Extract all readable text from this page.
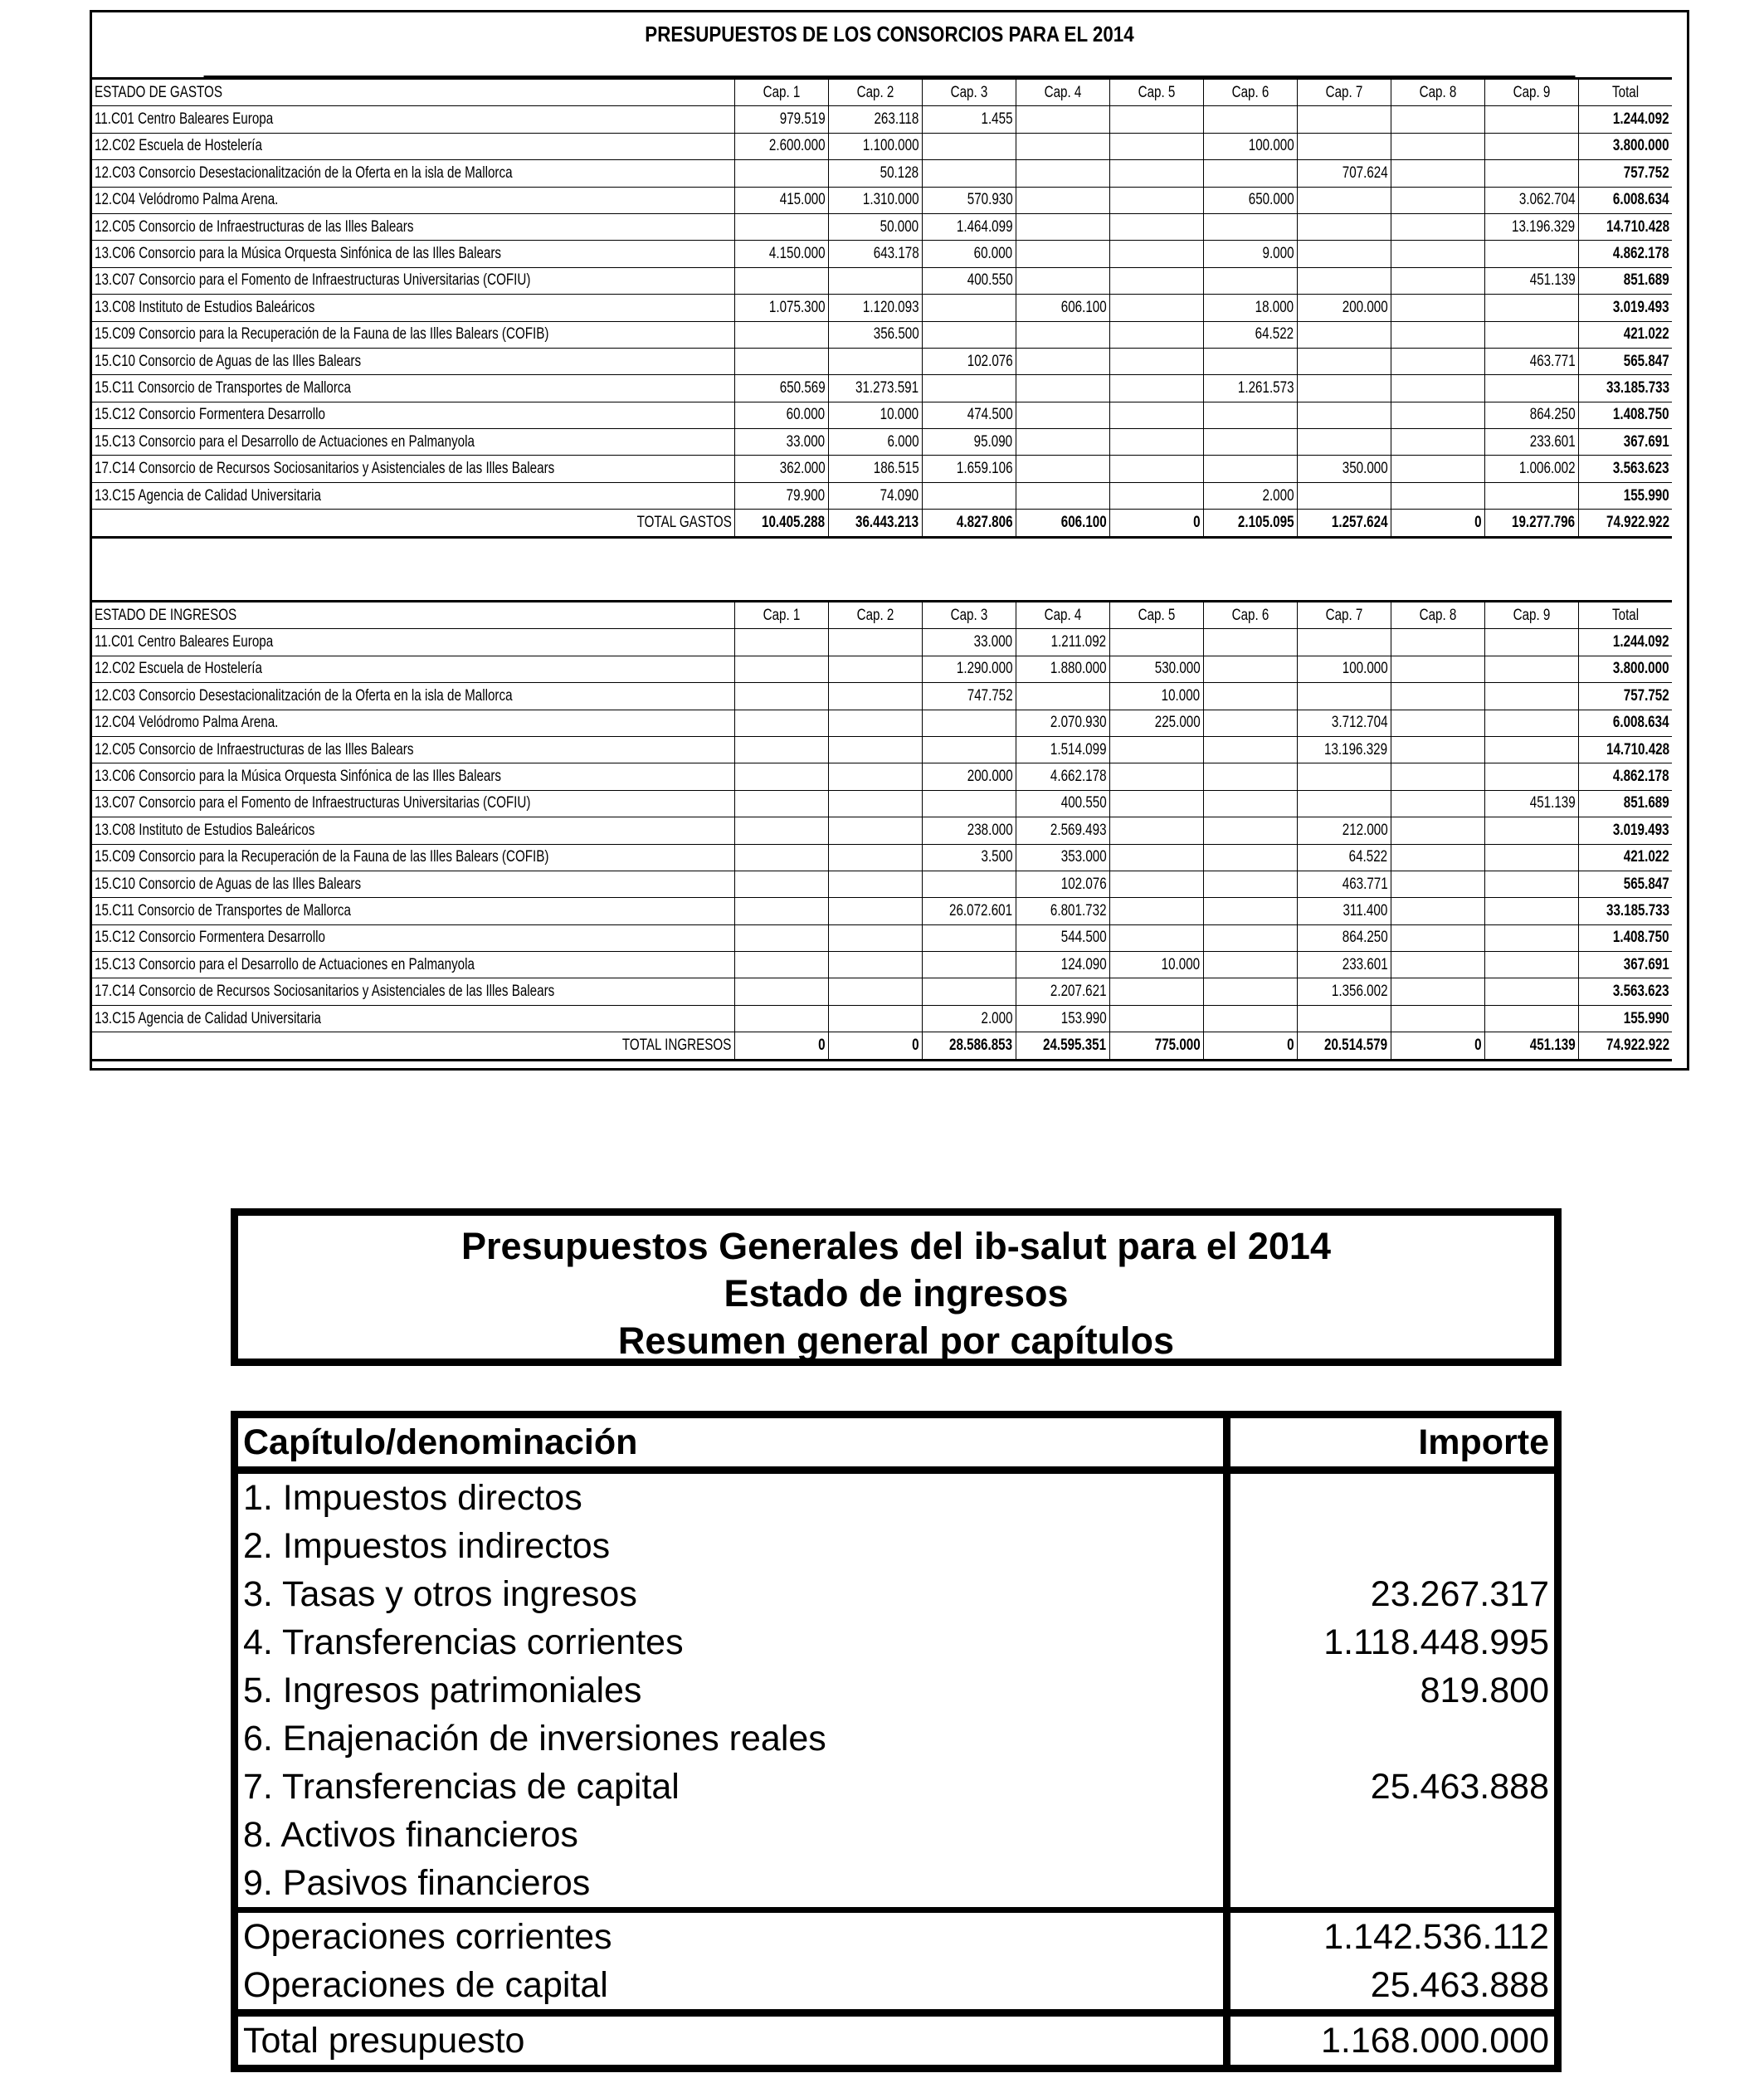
PRESUPUESTOS DE LOS CONSORCIOS PARA EL 2014
ESTADO DE GASTOS	Cap. 1	Cap. 2	Cap. 3	Cap. 4	Cap. 5	Cap. 6	Cap. 7	Cap. 8	Cap. 9	Total
11.C01 Centro Baleares Europa	979.519	263.118	1.455							1.244.092
12.C02 Escuela de Hostelería	2.600.000	1.100.000				100.000				3.800.000
12.C03 Consorcio Desestacionalitzación de la Oferta en la isla de Mallorca		50.128					707.624			757.752
12.C04 Velódromo Palma Arena.	415.000	1.310.000	570.930			650.000			3.062.704	6.008.634
12.C05 Consorcio de Infraestructuras de las Illes Balears		50.000	1.464.099						13.196.329	14.710.428
13.C06 Consorcio para la Música Orquesta Sinfónica de las Illes Balears	4.150.000	643.178	60.000			9.000				4.862.178
13.C07 Consorcio para el Fomento de Infraestructuras Universitarias (COFIU)			400.550						451.139	851.689
13.C08 Instituto de Estudios Baleáricos	1.075.300	1.120.093		606.100		18.000	200.000			3.019.493
15.C09 Consorcio para la Recuperación de la Fauna de las Illes Balears (COFIB)		356.500				64.522				421.022
15.C10 Consorcio de Aguas de las Illes Balears			102.076						463.771	565.847
15.C11 Consorcio de Transportes de Mallorca	650.569	31.273.591				1.261.573				33.185.733
15.C12 Consorcio Formentera Desarrollo	60.000	10.000	474.500						864.250	1.408.750
15.C13 Consorcio para el Desarrollo de Actuaciones en Palmanyola	33.000	6.000	95.090						233.601	367.691
17.C14 Consorcio de Recursos Sociosanitarios y Asistenciales de las Illes Balears	362.000	186.515	1.659.106				350.000		1.006.002	3.563.623
13.C15 Agencia de Calidad Universitaria	79.900	74.090				2.000				155.990
TOTAL GASTOS	10.405.288	36.443.213	4.827.806	606.100	0	2.105.095	1.257.624	0	19.277.796	74.922.922
ESTADO DE INGRESOS	Cap. 1	Cap. 2	Cap. 3	Cap. 4	Cap. 5	Cap. 6	Cap. 7	Cap. 8	Cap. 9	Total
11.C01 Centro Baleares Europa			33.000	1.211.092						1.244.092
12.C02 Escuela de Hostelería			1.290.000	1.880.000	530.000		100.000			3.800.000
12.C03 Consorcio Desestacionalitzación de la Oferta en la isla de Mallorca			747.752		10.000					757.752
12.C04 Velódromo Palma Arena.				2.070.930	225.000		3.712.704			6.008.634
12.C05 Consorcio de Infraestructuras de las Illes Balears				1.514.099			13.196.329			14.710.428
13.C06 Consorcio para la Música Orquesta Sinfónica de las Illes Balears			200.000	4.662.178						4.862.178
13.C07 Consorcio para el Fomento de Infraestructuras Universitarias (COFIU)				400.550					451.139	851.689
13.C08 Instituto de Estudios Baleáricos			238.000	2.569.493			212.000			3.019.493
15.C09 Consorcio para la Recuperación de la Fauna de las Illes Balears (COFIB)			3.500	353.000			64.522			421.022
15.C10 Consorcio de Aguas de las Illes Balears				102.076			463.771			565.847
15.C11 Consorcio de Transportes de Mallorca			26.072.601	6.801.732			311.400			33.185.733
15.C12 Consorcio Formentera Desarrollo				544.500			864.250			1.408.750
15.C13 Consorcio para el Desarrollo de Actuaciones en Palmanyola				124.090	10.000		233.601			367.691
17.C14 Consorcio de Recursos Sociosanitarios y Asistenciales de las Illes Balears				2.207.621			1.356.002			3.563.623
13.C15 Agencia de Calidad Universitaria			2.000	153.990						155.990
TOTAL INGRESOS	0	0	28.586.853	24.595.351	775.000	0	20.514.579	0	451.139	74.922.922
Presupuestos Generales del ib-salut para el 2014
Estado de ingresos
Resumen general por capítulos
Capítulo/denominación	Importe
1. Impuestos directos	
2. Impuestos indirectos	
3. Tasas y otros ingresos	23.267.317
4. Transferencias corrientes	1.118.448.995
5. Ingresos patrimoniales	819.800
6. Enajenación de inversiones reales	
7. Transferencias de capital	25.463.888
8. Activos financieros	
9. Pasivos financieros	
Operaciones corrientes	1.142.536.112
Operaciones de capital	25.463.888
Total presupuesto	1.168.000.000
